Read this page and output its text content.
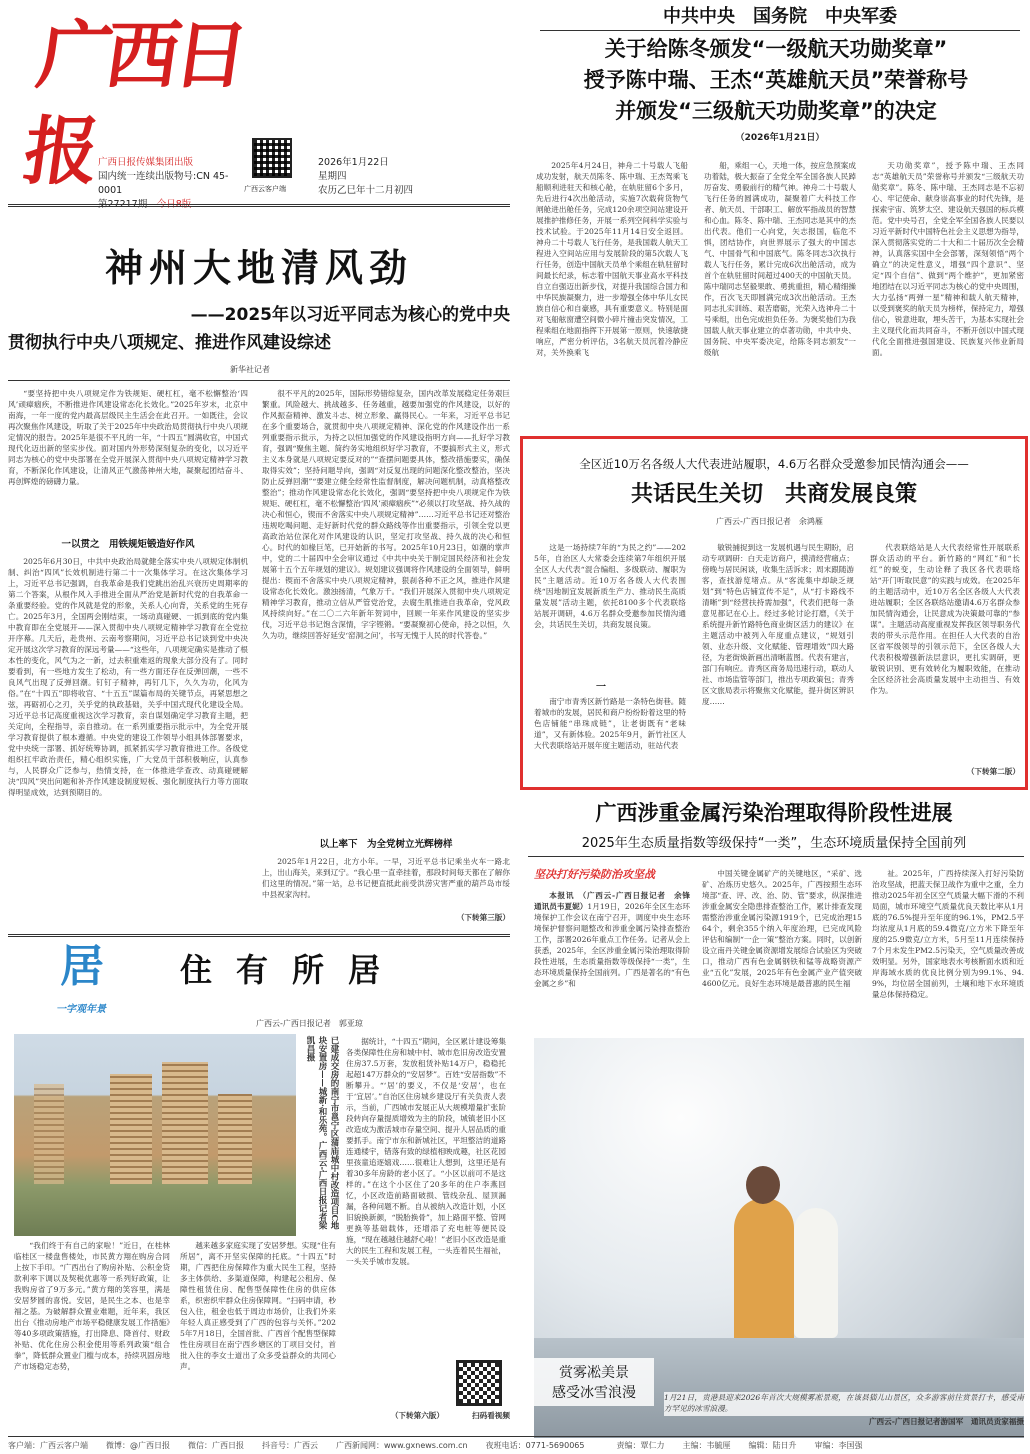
广西日报 广西日报传媒集团出版
国内统一连续出版物号:CN 45-0001
第27217期　 今日8版
广西云客户端
2026年1月22日
星期四
农历乙巳年十二月初四
中共中央　国务院　中央军委
关于给陈冬颁发“一级航天功勋奖章”
授予陈中瑞、王杰“英雄航天员”荣誉称号
并颁发“三级航天功勋奖章”的决定
（2026年1月21日）

2025年4月24日，神舟二十号载人飞船成功发射，航天员陈冬、陈中瑞、王杰驾乘飞船顺利进驻天和核心舱，在轨驻留6个多月，先后进行4次出舱活动，实施7次载荷货物气闸舱进出舱任务，完成120余项空间站建设开展推护推修任务，开展一系列空间科学实验与技术试验。于2025年11月14日安全返回。神舟二十号载人飞行任务，是我国载人航天工程进入空间站应用与发展阶段的第5次载人飞行任务，创造中国航天员单个乘组在轨驻留时间最长纪录，标志着中国航天事业高水平科技自立自强迈出新步伐，对提升我国综合国力和中华民族凝聚力，进一步增强全体中华儿女民族自信心和自豪感，具有重要意义。特别是面对飞船舷窗遭空间微小碎片撞击突发情况，工程乘组在地面指挥下开展第一原则，快速敏捷响应，严密分析评估，3名航天员沉着冷静应对，关外换乘飞

船，乘组一心，天地一体，按应急预案成功着陆，极大振奋了全党全军全国各族人民踔厉奋发、勇毅前行的精气神。神舟二十号载人飞行任务的圆满成功，凝聚着广大科技工作者、航天员、干部职工、解放军指战员的智慧和心血。陈冬、陈中瑞、王杰同志是其中的杰出代表。他们一心向党，矢志报国，临危不惧，团结协作，向世界展示了强大的中国志气、中国骨气和中国底气。陈冬同志3次执行载人飞行任务，累计完成6次出舱活动，成为首个在轨驻留时间超过400天的中国航天员。陈中瑞同志坚毅果敢、勇挑重担，精心精细操作，百次飞天即圆满完成3次出舱活动。王杰同志扎实训练、艰苦磨砺，光荣入选神舟二十号乘组，出色完成担负任务。为褒奖他们为我国载人航天事业建立的卓著功勋，中共中央、国务院、中央军委决定，给陈冬同志颁发“一级航

天功勋奖章”，授予陈中瑞、王杰同志“英雄航天员”荣誉称号并颁发“三级航天功勋奖章”。陈冬、陈中瑞、王杰同志是不忘初心、牢记使命、献身崇高事业的时代先锋，是探索宇宙、筑梦太空、建设航天强国的标兵模范。党中央号召，全党全军全国各族人民要以习近平新时代中国特色社会主义思想为指导，深入贯彻落实党的二十大和二十届历次全会精神，认真落实国中全会部署，深刻领悟“两个确立”的决定性意义，增强“四个意识”、坚定“四个自信”、做到“两个维护”，更加紧密地团结在以习近平同志为核心的党中央周围，大力弘扬“两弹一星”精神和载人航天精神，以受到褒奖的航天员为榜样，保持定力，增强信心，锐意进取，埋头苦干，为基本实现社会主义现代化而共同奋斗，不断开创以中国式现代化全面推进强国建设、民族复兴伟业新局面。

神州大地清风劲
——2025年以习近平同志为核心的党中央
贯彻执行中央八项规定、推进作风建设综述
新华社记者

“要坚持把中央八项规定作为铁规矩、硬杠杠，毫不松懈整治‘四风’顽瘴痼疾，不断推进作风建设常态化长效化。”2025年岁末，北京中南海，一年一度的党内最高层级民主生活会在此召开。一如既往，会议再次聚焦作风建设，听取了关于2025年中央政治局贯彻执行中央八项规定情况的报告。2025年是很不平凡的一年，“十四五”圆满收官，中国式现代化迈出新的坚实步伐。面对国内外形势深刻复杂的变化，以习近平同志为核心的党中央部署在全党开展深入贯彻中央八项规定精神学习教育，不断深化作风建设，让清风正气激荡神州大地，凝聚起团结奋斗、再创辉煌的磅礴力量。

一以贯之　用铁规矩锻造好作风

2025年6月30日，中共中央政治局就健全落实中央八项规定体制机制、纠治“四风”长效机制进行第二十一次集体学习。在这次集体学习上，习近平总书记强调，自我革命是我们党跳出治乱兴衰历史周期率的第二个答案，从根作风入手推进全面从严治党是新时代党的自我革命一条重要经验。党的作风就是党的形象，关系人心向背，关系党的生死存亡。2025年3月，全国两会刚结束，一场动真碰硬、一抓到底的党内集中教育即在全党展开——深入贯彻中央八项规定精神学习教育在全党拉开序幕。几天后，赴贵州、云南考察期间，习近平总书记谈到党中央决定开展这次学习教育的深远考量——“这些年，八项规定确实是推动了根本性的变化，风气为之一新，过去积重难返的现象大部分没有了。同时要看到，有一些地方发生了松动，有一些方面还存在反弹回潮，一些不良风气出现了反弹回潮。钉钉子精神，再钉几下，久久为功，化风为俗。”在“十四五”即将收官、“十五五”谋篇布局的关键节点，再紧思想之弦，再砺初心之刃，关乎党的执政基础，关乎中国式现代化建设全局。习近平总书记高度重视这次学习教育，亲自谋划确定学习教育主题，把关定向，全程指导，亲自推动。在一系列重要指示批示中，为全党开展学习教育提供了根本遵循。中央党的建设工作领导小组具体部署要求，党中央统一部署、抓好统筹协调，抓紧抓实学习教育推进工作。各级党组织扛牢政治责任，精心组织实施，广大党员干部积极响应，认真参与，人民群众广泛参与，热情支持，在一体推进学查改、动真碰硬解决“四风”突出问题和补齐作风建设制度短板、强化制度执行力等方面取得明显成效，达到预期目的。

很不平凡的2025年，国际形势错综复杂，国内改革发展稳定任务艰巨繁重。风险越大、挑战越多、任务越重，越要加强党的作风建设，以好的作风振奋精神、激发斗志、树立形象、赢得民心。一年来，习近平总书记在多个重要场合，就贯彻中央八项规定精神、深化党的作风建设作出一系列重要指示批示，为持之以恒加强党的作风建设指明方向——扎好学习教育，强调“聚焦主题、简约务实地组织好学习教育，不要搞形式主义，形式主义本身就是八项规定要反对的”“查摆问题要具体，整改措施要实，确保取得实效”；坚持问题导向，强调“对反复出现的问题深化整改整治，坚决防止反弹回潮”“要建立健全经常性监督制度，解决问题机制，动真格整改整治”；推动作风建设常态化长效化，强调“要坚持把中央八项规定作为铁规矩、硬杠杠，毫不松懈整治‘四风’顽瘴痼疾”“必须以打攻坚战、持久战的决心和恒心，锲而不舍落实中央八项规定精神”……习近平总书记还对整治违规吃喝问题、走好新时代党的群众路线等作出重要指示，引领全党以更高政治站位深化对作风建设的认识，坚定打攻坚战、持久战的决心和恒心。时代的如椽巨笔，已开始新的书写。2025年10月23日，如潮的掌声中，党的二十届四中全会审议通过《中共中央关于制定国民经济和社会发展第十五个五年规划的建议》。规划建议强调将作风建设的全面领导，鲜明提出：锲而不舍落实中央八项规定精神，狠刹各种不正之风，推进作风建设常态化长效化。激浊扬清，气象万千。“我们开展深入贯彻中央八项规定精神学习教育，推动立信从严管党治党，去腐生肌推进自我革命，党风政风持续向好。”在二〇二六年新年贺词中，回顾一年来作风建设的坚实步伐，习近平总书记饱含深情，字字铿锵。“要凝聚初心使命，持之以恒，久久为功，继续回答好延安‘窑洞之问’，书写无愧于人民的时代答卷。”

以上率下　为全党树立光辉榜样

2025年1月22日，北方小年。一早，习近平总书记乘坐火车一路北上，出山海关，来到辽宁。“我心里一直牵挂着，那段时间每天都在了解你们这里的情况。”第一站，总书记便直抵此前受洪涝灾害严重的葫芦岛市绥中县祝家沟村。

（下转第三版）
居
一字观年景
住有所居
广西云-广西日报记者　郭亚琼
已建成交房的南宁市邕宁区蒲庙城中村改造项目C地块安置房——城新·和乐苑。广西云-广西日报记者梁凯昌摄

“我们终于有自己的家啦！”近日，在桂林临桂区一楼盘售楼处，市民黄方翔在购房合同上按下手印。“广西出台了购房补贴、公积金贷款利率下调以及契税优惠等一系列好政策，让我购房省了9万多元。”黄方翔的笑容里，满是安居梦圆的喜悦。安居，是民生之本、也是幸福之基。为破解群众置业难题，近年来，我区出台《推动房地产市场平稳健康发展工作措施》等40多项政策措施，打出降息、降首付、财政补贴、优化住房公积金使用等系列政策“组合拳”，降低群众置业门槛与成本，持续巩固房地产市场稳定态势，

越来越多家庭实现了安居梦想。实现“住有所居”，离不开坚实保障的托底。“十四五”时期，广西把住房保障作为重大民生工程，坚持多主体供给、多渠道保障，构建起公租房、保障性租赁住房、配售型保障性住房的供应体系，织密织牢群众住房保障网。“扫码申请，秒包入住，租金也低于周边市场价，让我们外来年轻人真正感受到了广西的包容与关怀。”2025年7月18日，全国首批、广西首个配售型保障性住房项目在南宁西乡塘区的丁项目交付，首批入住的李女士道出了众多受益群众的共同心声。

据统计，“十四五”期间，全区累计建设筹集各类保障性住房和城中村、城市危旧房改造安置住房37.5万套，发放租赁补贴14万户，稳稳托起超147万群众的“安居梦”。百姓“安居指数”不断攀升。“‘居’的要义，不仅是‘安居’，也在于‘宜居’。”自治区住房城乡建设厅有关负责人表示，当前，广西城市发展正从大规模增量扩张阶段转向存量提质增效为主的阶段，城镇老旧小区改造成为激活城市存量空间、提升人居品质的重要抓手。南宁市东和新城社区，平坦整洁的道路连通楼宇，错落有致的绿植相映成趣，社区花园里孩童追逐嬉戏……很难让人想到，这里还是有着30多年房龄的老小区了。“小区以前可不是这样的。”在这个小区住了20多年的住户李燕回忆，小区改造前路面破损、管线杂乱、屋顶漏漏，各种问题不断。自从被纳入改造计划，小区旧貌换新颜，“脱胎换骨”，加上路面平整、管网更换等基础载体，还增添了充电桩等便民设施，“现在越越住越舒心啦！”老旧小区改造是重大的民生工程和发展工程，一头连着民生福祉，一头关乎城市发展。

（下转第六版）	扫码看视频
全区近10万名各级人大代表进站履职，4.6万名群众受邀参加民情沟通会——
共话民生关切　共商发展良策
广西云-广西日报记者　余鸿雁

这是一场持续7年的“为民之约”——2025年，自治区人大常委会连续第7年组织开展全区人大代表“混合编组、多级联动、履职为民”主题活动。近10万名各级人大代表围绕“因地制宜发展新质生产力、推动民生高质量发展”活动主题，依托8100多个代表联络站展开调研，4.6万名群众受邀参加民情沟通会，共话民生关切，共商发展良策。

一

南宁市青秀区新竹路是一条特色街巷。随着城市的发展，居民和商户纷纷盼着这里的特色店铺能“串珠成链”，让老街既有“老味道”，又有新体验。2025年9月，新竹社区人大代表联络站开展年度主题活动，驻站代表

敏锐捕捉到这一发展机遇与民生期盼，启动专项调研：白天走访商户，摸清经营痛点；傍晚与居民闲谈，收集生活诉求；周末跟随游客，查找游览堵点。从“客流集中却缺乏规划”到“特色店铺宣传不足”，从“打卡路线不清晰”到“经营扶持需加强”，代表们把每一条意见都记在心上。经过多轮讨论打磨，《关于系统提升新竹路特色商业街区活力的建议》在主题活动中被列入年度重点建议，“规划引领、业态升级、文化赋能、管理增效”四大路径，为老街焕新画出清晰蓝图。代表有建言，部门有响应。青秀区商务局迅速行动，联动人社、市场监管等部门，推出专项政策包；青秀区文旅局表示将聚焦文化赋能，提升街区辨识度……

代表联络站是人大代表经常性开展联系群众活动的平台。新竹路的“网红”和“长红”的蜕变，生动诠释了我区各代表联络站“开门听取民意”的实践与成效。在2025年的主题活动中，近10万名全区各级人大代表进站履职；全区各联络站邀请4.6万名群众参加民情沟通会，让民意成为决策最可靠的“参谋”。主题活动高度重视发挥我区领导职务代表的带头示范作用。在担任人大代表的自治区省军级领导的引领示范下，全区各级人大代表积极增强新法层意识，更扎实调研，更敏锐识别、更有效转化为履职效能，在推动全区经济社会高质量发展中主动担当、有效作为。

（下转第二版）
广西涉重金属污染治理取得阶段性进展
2025年生态质量指数等级保持“一类”，生态环境质量保持全国前列
坚决打好污染防治攻坚战

本报讯　（广西云-广西日报记者　余锋　通讯员韦夏妮）1月19日，2026年全区生态环境保护工作会议在南宁召开，调度中央生态环境保护督察问题整改和涉重金属污染排查整治工作，部署2026年重点工作任务。记者从会上获悉，2025年，全区涉重金属污染治理取得阶段性进展，生态质量指数等级保持“一类”，生态环境质量保持全国前列。广西是著名的“有色金属之乡”和

中国关键金属矿产的关键地区，“采矿、选矿、冶炼历史悠久。2025年，广西按照生态环境部“查、评、改、治、防、管”要求，纵深推进涉重金属安全隐患排查整治工作，累计排查发现需整治涉重金属污染源1919个，已完成治理1564个，剩余355个纳入年度治理，已完成风险评估和编制“一企一策”整治方案。同时，以创新设立南丹关键金属资源增发展综合试验区为突破口，推动广西有色金属钢铁和锰等战略资源产业“五化”发展，2025年有色金属产业产值突破4600亿元。良好生态环境是最普惠的民生福

祉。2025年，广西持续深入打好污染防治攻坚战，把蓝天保卫战作为重中之重，全力推动2025年初全区空气质量大幅下滑的不利局面，城市环境空气质量优良天数比率从1月底的76.5%提升至年度的96.1%，PM2.5平均浓度从1月底的59.4微克/立方米下降至年度的25.9微克/立方米，5月至11月连续保持7个月未发生PM2.5污染天，空气质量改善成效明显。另外，国家地表水考核断面水质和近岸海域水质的优良比例分别为99.1%、94.9%，均位居全国前列，土壤和地下水环境质量总体保持稳定。

赏雾凇美景
感受冰雪浪漫	1月21日，贵港县迎来2026年首次大规模雾凇景观，在该县猫儿山景区，众多游客前往赏景打卡，感受南方罕见的冰雪浪漫。
广西云-广西日报记者游国军　通讯员贡家福摄
客户端：广西云客户端 微博：@广西日报 微信：广西日报 抖音号：广西云 广西新闻网：www.gxnews.com.cn 夜班电话：0771-5690065	责编：覃仁力 主编：韦毓厘 编辑：陆日升 审编：李国强
